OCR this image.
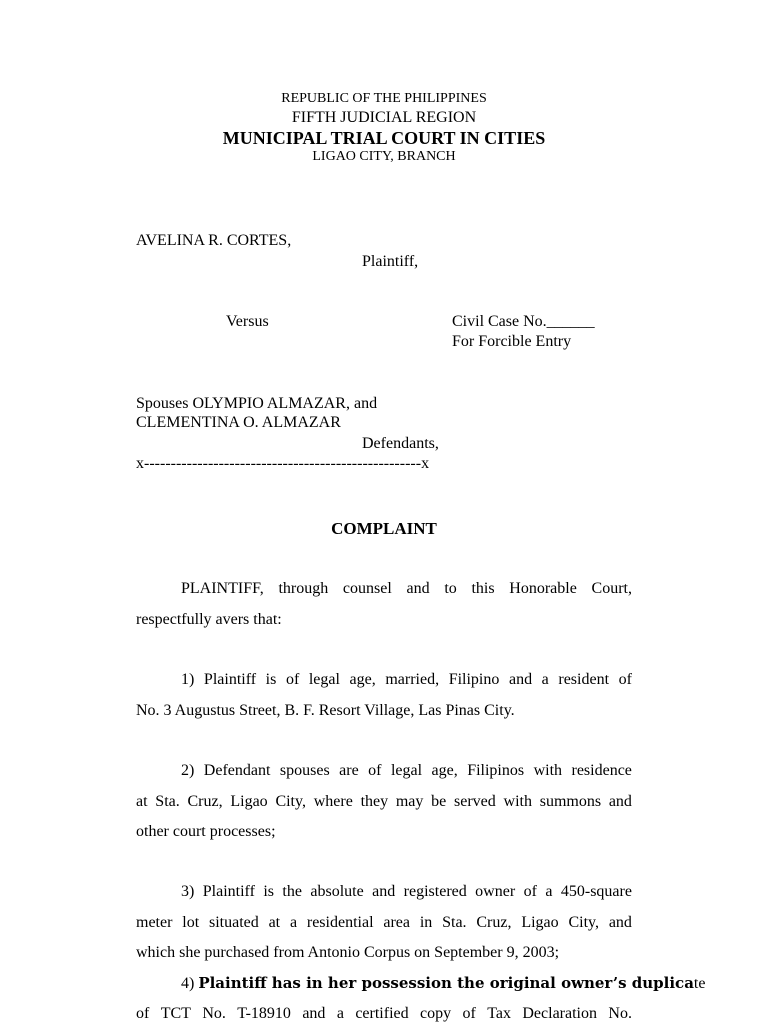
REPUBLIC OF THE PHILIPPINES
FIFTH JUDICIAL REGION
MUNICIPAL TRIAL COURT IN CITIES
LIGAO CITY, BRANCH
AVELINA R. CORTES,
Plaintiff,
Versus	Civil Case No.______
For Forcible Entry
Spouses OLYMPIO ALMAZAR, and
CLEMENTINA O. ALMAZAR
Defendants,
x----------------------------------------------------x
COMPLAINT
PLAINTIFF, through counsel and to this Honorable Court,
respectfully avers that:
1) Plaintiff is of legal age, married, Filipino and a resident of
No. 3 Augustus Street, B. F. Resort Village, Las Pinas City.
2) Defendant spouses are of legal age, Filipinos with residence
at Sta. Cruz, Ligao City, where they may be served with summons and
other court processes;
3) Plaintiff is the absolute and registered owner of a 450-square
meter lot situated at a residential area in Sta. Cruz, Ligao City, and
which she purchased from Antonio Corpus on September 9, 2003;
4) Plaintiff has in her possession the original owner’s duplicate
of TCT No. T-18910 and a certified copy of Tax Declaration No.
